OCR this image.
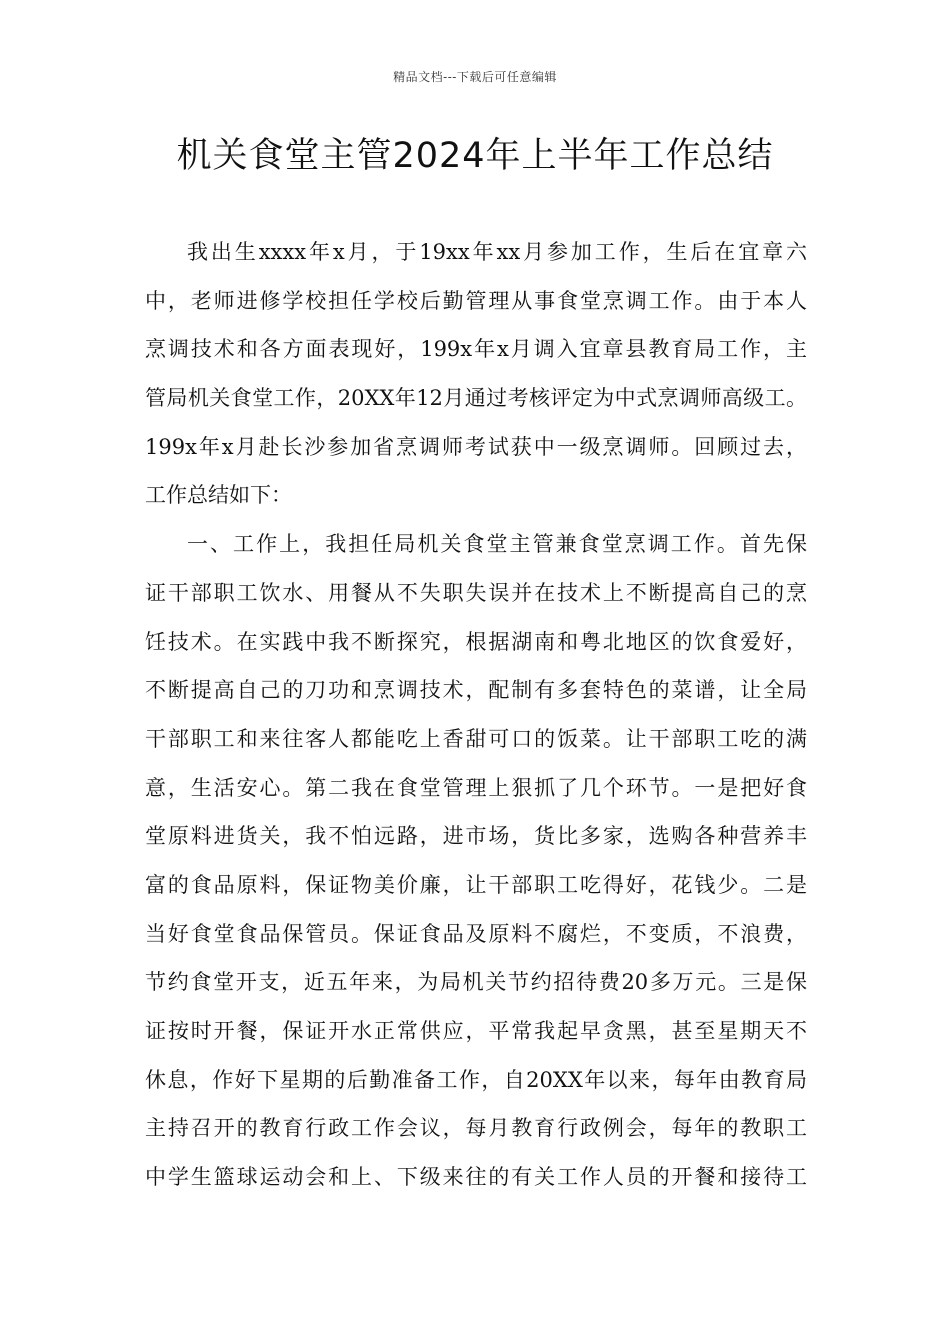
精品文档---下载后可任意编辑
机关食堂主管2024年上半年工作总结
我出生xxxx年x月，于19xx年xx月参加工作，生后在宜章六
中，老师进修学校担任学校后勤管理从事食堂烹调工作。由于本人
烹调技术和各方面表现好，199x年x月调入宜章县教育局工作，主
管局机关食堂工作，20XX年12月通过考核评定为中式烹调师高级工。
199x年x月赴长沙参加省烹调师考试获中一级烹调师。回顾过去，
工作总结如下：
一、工作上，我担任局机关食堂主管兼食堂烹调工作。首先保
证干部职工饮水、用餐从不失职失误并在技术上不断提高自己的烹
饪技术。在实践中我不断探究，根据湖南和粤北地区的饮食爱好，
不断提高自己的刀功和烹调技术，配制有多套特色的菜谱，让全局
干部职工和来往客人都能吃上香甜可口的饭菜。让干部职工吃的满
意，生活安心。第二我在食堂管理上狠抓了几个环节。一是把好食
堂原料进货关，我不怕远路，进市场，货比多家，选购各种营养丰
富的食品原料，保证物美价廉，让干部职工吃得好，花钱少。二是
当好食堂食品保管员。保证食品及原料不腐烂，不变质，不浪费，
节约食堂开支，近五年来，为局机关节约招待费20多万元。三是保
证按时开餐，保证开水正常供应，平常我起早贪黑，甚至星期天不
休息，作好下星期的后勤准备工作，自20XX年以来，每年由教育局
主持召开的教育行政工作会议，每月教育行政例会，每年的教职工
中学生篮球运动会和上、下级来往的有关工作人员的开餐和接待工
